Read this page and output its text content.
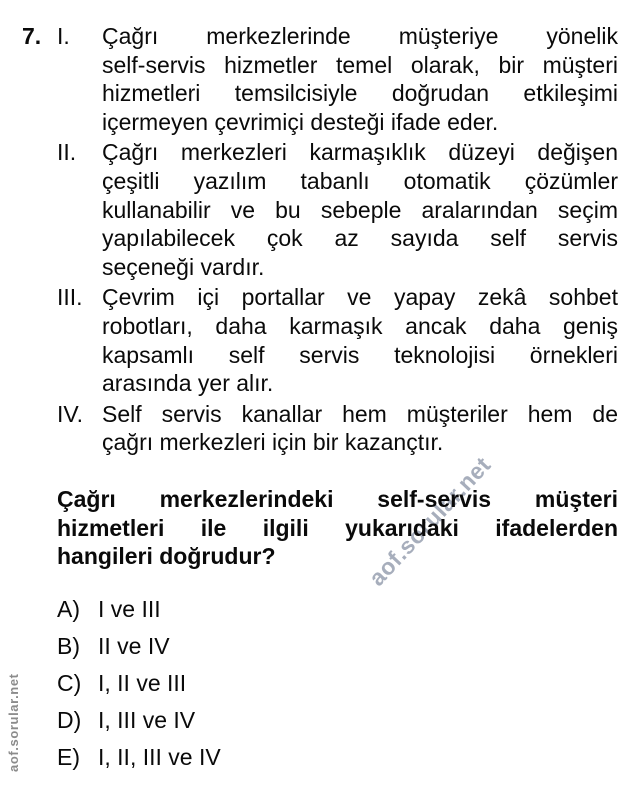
aof.sorular.net
aof.sorular.net
7. I.	Çağrı merkezlerinde müşteriye yönelik
self-servis hizmetler temel olarak, bir müşteri
hizmetleri temsilcisiyle doğrudan etkileşimi
içermeyen çevrimiçi desteği ifade eder.
II.	Çağrı merkezleri karmaşıklık düzeyi değişen
çeşitli yazılım tabanlı otomatik çözümler
kullanabilir ve bu sebeple aralarından seçim
yapılabilecek çok az sayıda self servis
seçeneği vardır.
III. Çevrim içi portallar ve yapay zekâ sohbet
robotları, daha karmaşık ancak daha geniş
kapsamlı self servis teknolojisi örnekleri
arasında yer alır.
IV. Self servis kanallar hem müşteriler hem de
çağrı merkezleri için bir kazançtır.
Çağrı merkezlerindeki self-servis müşteri
hizmetleri ile ilgili yukarıdaki ifadelerden
hangileri doğrudur?
A) I ve III
B) II ve IV
C) I, II ve III
D) I, III ve IV
E) I, II, III ve IV
